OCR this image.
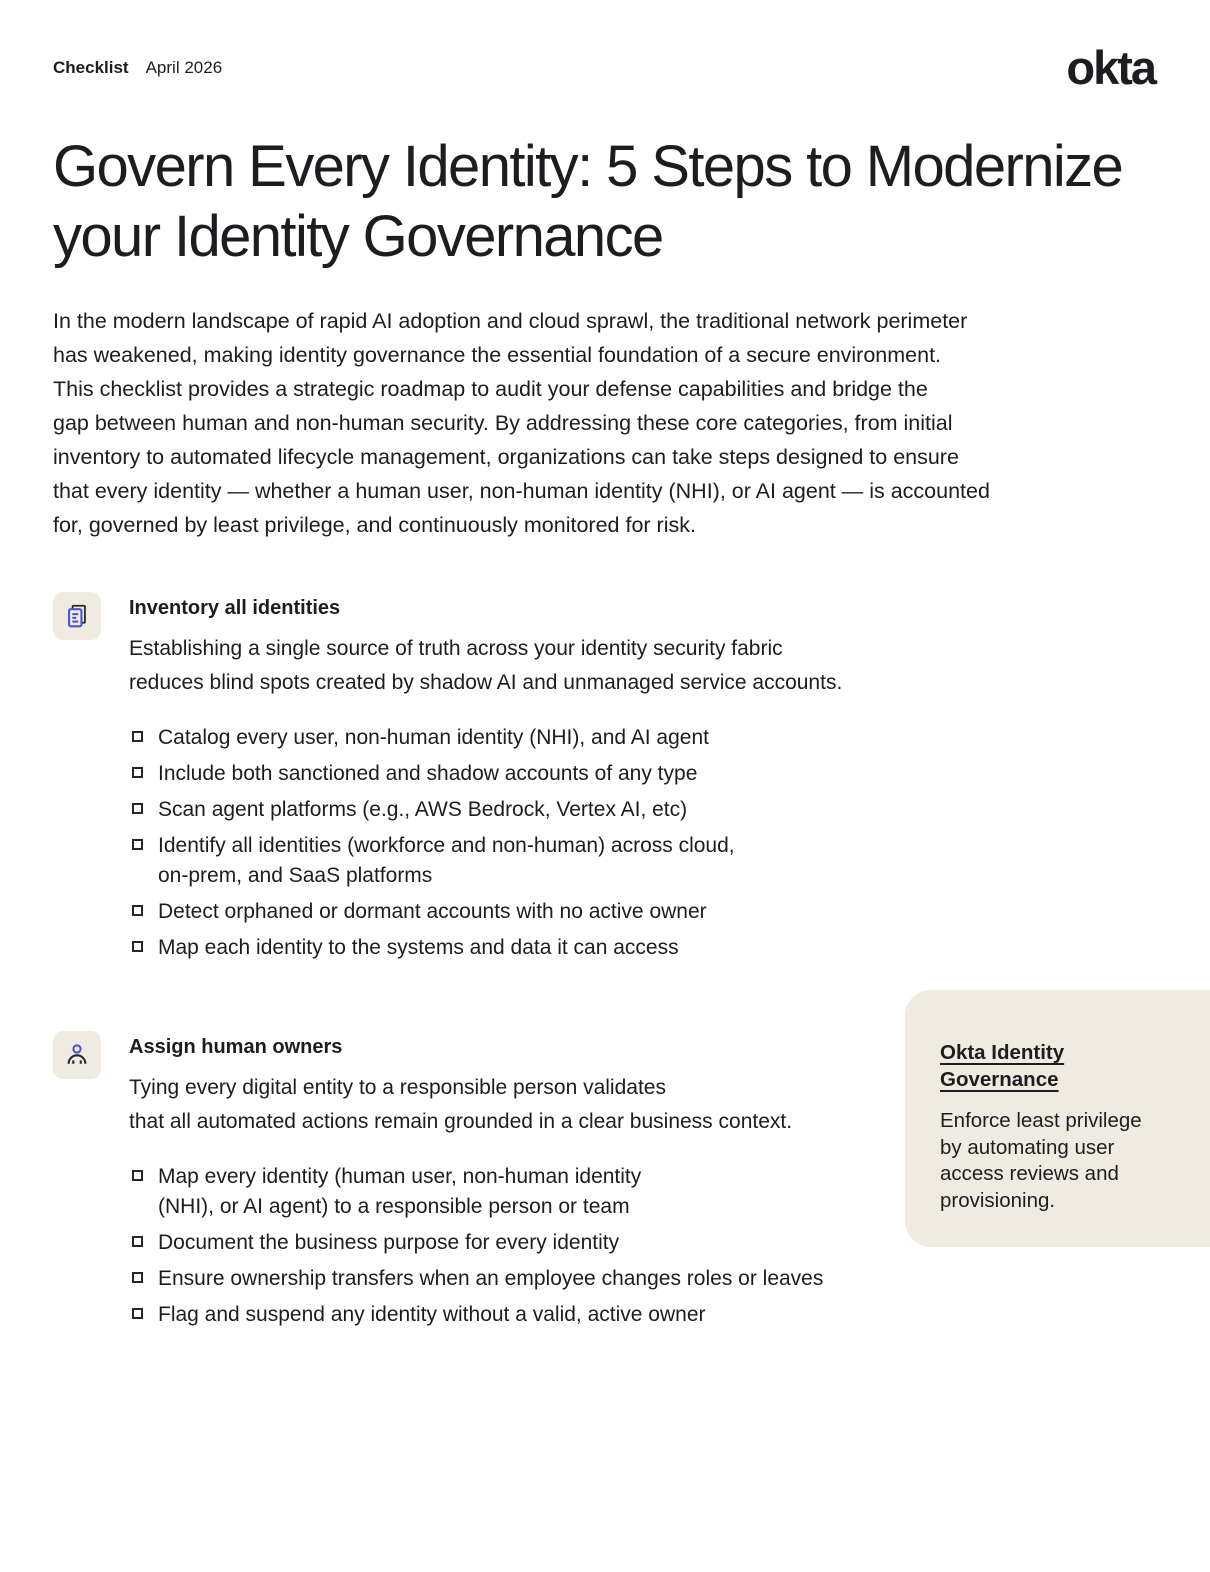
Checklist April 2026	okta
Govern Every Identity: 5 Steps to Modernize your Identity Governance

In the modern landscape of rapid AI adoption and cloud sprawl, the traditional network perimeter
has weakened, making identity governance the essential foundation of a secure environment.
This checklist provides a strategic roadmap to audit your defense capabilities and bridge the
gap between human and non-human security. By addressing these core categories, from initial
inventory to automated lifecycle management, organizations can take steps designed to ensure
that every identity — whether a human user, non-human identity (NHI), or AI agent — is accounted
for, governed by least privilege, and continuously monitored for risk.

Inventory all identities

Establishing a single source of truth across your identity security fabric
reduces blind spots created by shadow AI and unmanaged service accounts.

Catalog every user, non-human identity (NHI), and AI agent
Include both sanctioned and shadow accounts of any type
Scan agent platforms (e.g., AWS Bedrock, Vertex AI, etc)
Identify all identities (workforce and non-human) across cloud,
on-prem, and SaaS platforms
Detect orphaned or dormant accounts with no active owner
Map each identity to the systems and data it can access
Assign human owners

Tying every digital entity to a responsible person validates
that all automated actions remain grounded in a clear business context.

Map every identity (human user, non-human identity
(NHI), or AI agent) to a responsible person or team
Document the business purpose for every identity
Ensure ownership transfers when an employee changes roles or leaves
Flag and suspend any identity without a valid, active owner
Okta Identity Governance

Enforce least privilege
by automating user
access reviews and
provisioning.
